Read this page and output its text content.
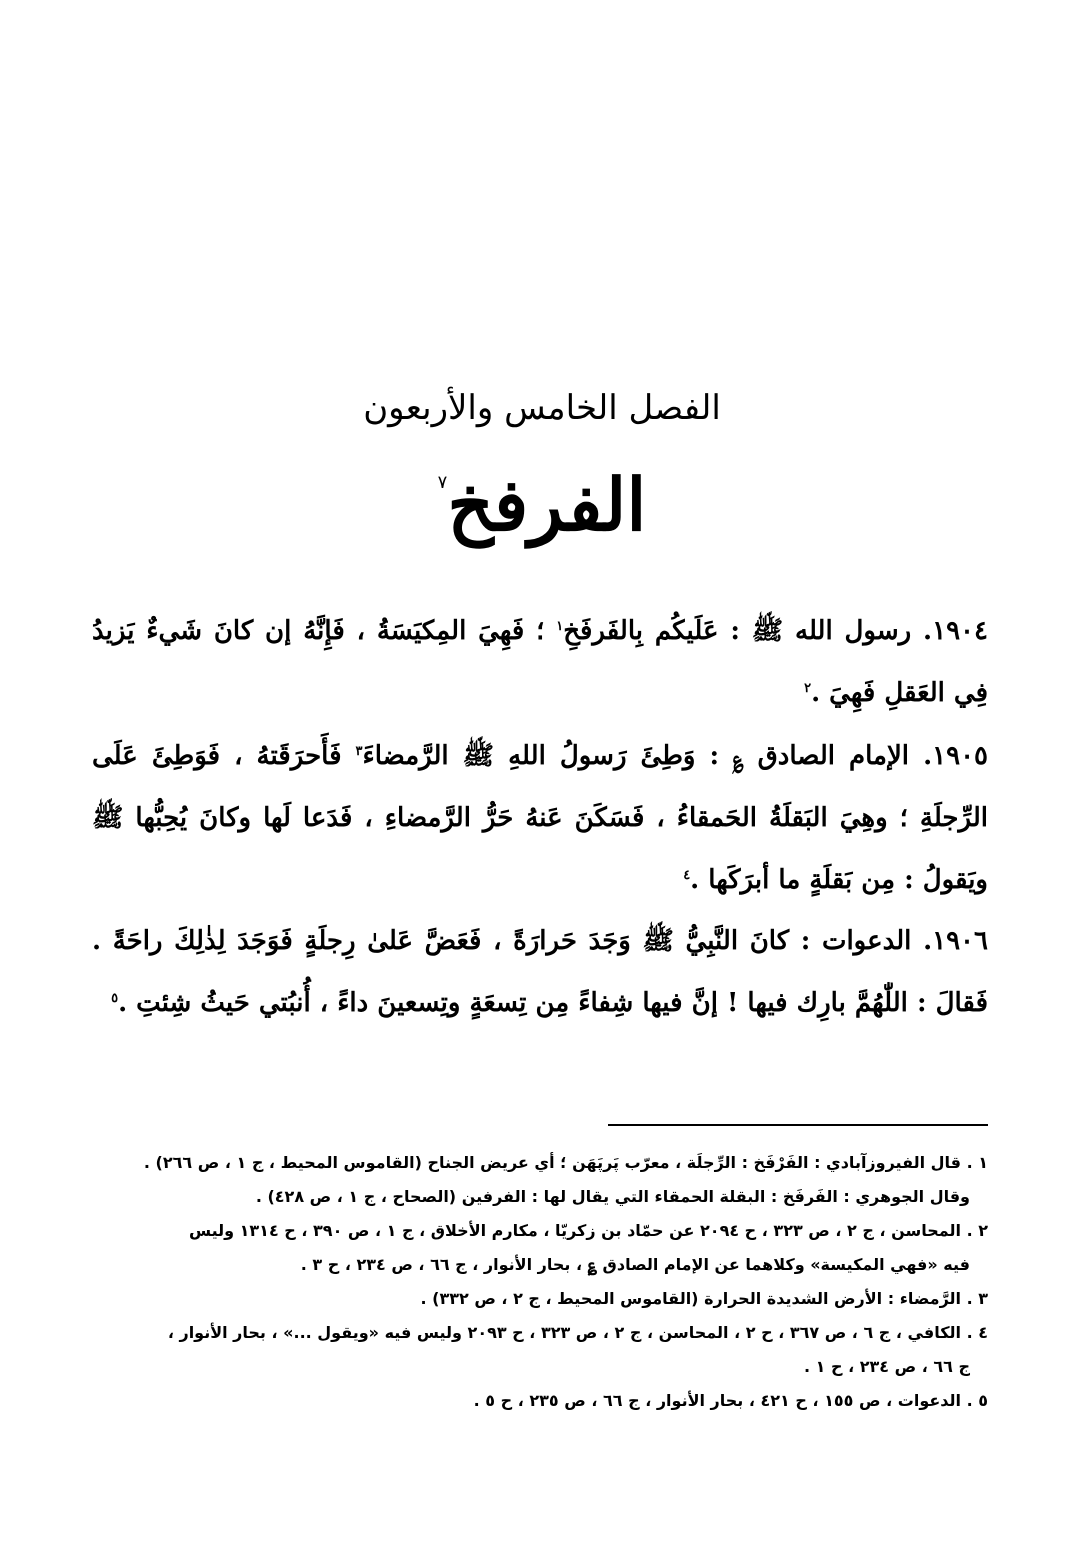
الفصل الخامس والأربعون
الفرفخ$^٧$
١٩٠٤. رسول الله ﷺ : عَلَيكُم بِالفَرفَخِ$^١$ ؛ فَهِيَ المِكيَسَةُ ، فَإِنَّهُ إن كانَ شَيءٌ يَزيدُ فِي العَقلِ فَهِيَ .$^٢$
١٩٠٥. الإمام الصادق ؏ : وَطِئَ رَسولُ اللهِ ﷺ الرَّمضاءَ$^٣$ فَأَحرَقَتهُ ، فَوَطِئَ عَلَى الرِّجلَةِ ؛ وهِيَ البَقلَةُ الحَمقاءُ ، فَسَكَنَ عَنهُ حَرُّ الرَّمضاءِ ، فَدَعا لَها وكانَ يُحِبُّها ﷺ ويَقولُ : مِن بَقلَةٍ ما أبرَكَها .$^٤$
١٩٠٦. الدعوات : كانَ النَّبِيُّ ﷺ وَجَدَ حَرارَةً ، فَعَضَّ عَلىٰ رِجلَةٍ فَوَجَدَ لِذٰلِكَ راحَةً . فَقالَ : اللّٰهُمَّ بارِك فيها ! إنَّ فيها شِفاءً مِن تِسعَةٍ وتِسعينَ داءً ، أُنبُتي حَيثُ شِئتِ .$^٥$

١ . قال الفيروزآبادي : الفَرْفَخ : الرِّجلَة ، معرّب پَرپَهَن ؛ أي عريض الجناح (القاموس المحيط ، ج ١ ، ص ٢٦٦) .
وقال الجوهري : الفَرفَخ : البقلة الحمقاء التي يقال لها : الفرفين (الصحاح ، ج ١ ، ص ٤٢٨) .

٢ . المحاسن ، ج ٢ ، ص ٣٢٣ ، ح ٢٠٩٤ عن حمّاد بن زكريّا ، مكارم الأخلاق ، ج ١ ، ص ٣٩٠ ، ح ١٣١٤ وليس
فيه «فهي المكيسة» وكلاهما عن الإمام الصادق ؏ ، بحار الأنوار ، ج ٦٦ ، ص ٢٣٤ ، ح ٣ .

٣ . الرَّمضاء : الأرض الشديدة الحرارة (القاموس المحيط ، ج ٢ ، ص ٣٣٢) .

٤ . الكافي ، ج ٦ ، ص ٣٦٧ ، ح ٢ ، المحاسن ، ج ٢ ، ص ٣٢٣ ، ح ٢٠٩٣ وليس فيه «ويقول ...» ، بحار الأنوار ،
ج ٦٦ ، ص ٢٣٤ ، ح ١ .

٥ . الدعوات ، ص ١٥٥ ، ح ٤٢١ ، بحار الأنوار ، ج ٦٦ ، ص ٢٣٥ ، ح ٥ .
